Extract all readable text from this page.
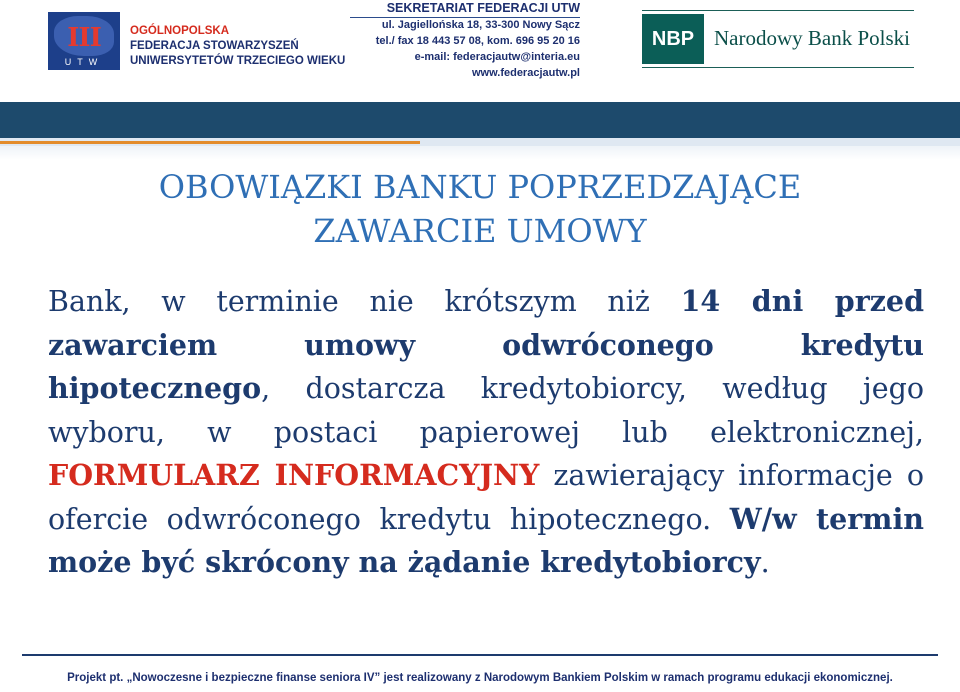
III
UTW
OGÓLNOPOLSKA
FEDERACJA STOWARZYSZEŃ
UNIWERSYTETÓW TRZECIEGO WIEKU
SEKRETARIAT FEDERACJI UTW
ul. Jagiellońska 18, 33-300 Nowy Sącz
tel./ fax 18 443 57 08, kom. 696 95 20 16
e-mail: federacjautw@interia.eu
www.federacjautw.pl
NBP Narodowy Bank Polski
OBOWIĄZKI BANKU POPRZEDZAJĄCE
ZAWARCIE UMOWY
Bank, w terminie nie krótszym niż 14 dni przed zawarciem umowy odwróconego kredytu hipotecznego, dostarcza kredytobiorcy, według jego wyboru, w postaci papierowej lub elektronicznej, FORMULARZ INFORMACYJNY zawierający informacje o ofercie odwróconego kredytu hipotecznego. W/w termin może być skrócony na żądanie kredytobiorcy.
Projekt pt. „Nowoczesne i bezpieczne finanse seniora IV” jest realizowany z Narodowym Bankiem Polskim w ramach programu edukacji ekonomicznej.
